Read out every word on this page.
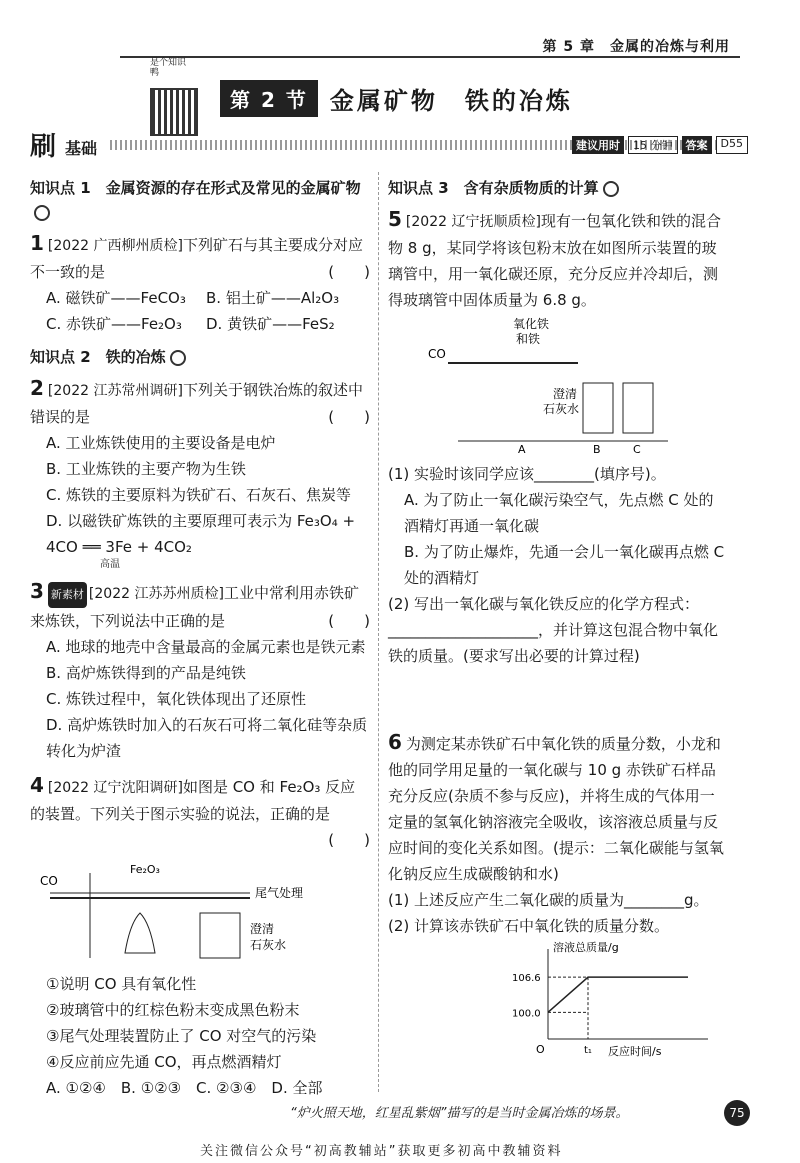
第 5 章　金属的冶炼与利用
是个知识鸭
第 2 节 金属矿物　铁的冶炼
刷 基础	建议用时	15 分钟	答案	D55
知识点 1　金属资源的存在形式及常见的金属矿物
1 [2022 广西柳州质检]下列矿石与其主要成分对应不一致的是	(　　)
A. 磁铁矿——FeCO₃	B. 铝土矿——Al₂O₃
C. 赤铁矿——Fe₂O₃	D. 黄铁矿——FeS₂
知识点 2　铁的冶炼
2 [2022 江苏常州调研]下列关于钢铁冶炼的叙述中错误的是	(　　)
A. 工业炼铁使用的主要设备是电炉
B. 工业炼铁的主要产物为生铁
C. 炼铁的主要原料为铁矿石、石灰石、焦炭等
D. 以磁铁矿炼铁的主要原理可表示为 Fe₃O₄ + 4CO ══ 3Fe + 4CO₂
高温
3 新素材 [2022 江苏苏州质检]工业中常利用赤铁矿来炼铁，下列说法中正确的是	(　　)
A. 地球的地壳中含量最高的金属元素也是铁元素
B. 高炉炼铁得到的产品是纯铁
C. 炼铁过程中，氧化铁体现出了还原性
D. 高炉炼铁时加入的石灰石可将二氧化硅等杂质转化为炉渣
4 [2022 辽宁沈阳调研]如图是 CO 和 Fe₂O₃ 反应的装置。下列关于图示实验的说法，正确的是
(　　)

CO
Fe₂O₃
尾气处理
澄清
石灰水
①说明 CO 具有氧化性
②玻璃管中的红棕色粉末变成黑色粉末
③尾气处理装置防止了 CO 对空气的污染
④反应前应先通 CO，再点燃酒精灯
A. ①②④　B. ①②③　C. ②③④　D. 全部
知识点 3　含有杂质物质的计算
5 [2022 辽宁抚顺质检]现有一包氧化铁和铁的混合物 8 g，某同学将该包粉末放在如图所示装置的玻璃管中，用一氧化碳还原，充分反应并冷却后，测得玻璃管中固体质量为 6.8 g。
CO
氧化铁
和铁
澄清
石灰水
A	B	C
(1) 实验时该同学应该________(填序号)。
A. 为了防止一氧化碳污染空气，先点燃 C 处的酒精灯再通一氧化碳
B. 为了防止爆炸，先通一会儿一氧化碳再点燃 C 处的酒精灯
(2) 写出一氧化碳与氧化铁反应的化学方程式：____________________，并计算这包混合物中氧化铁的质量。(要求写出必要的计算过程)
6 为测定某赤铁矿石中氧化铁的质量分数，小龙和他的同学用足量的一氧化碳与 10 g 赤铁矿石样品充分反应(杂质不参与反应)，并将生成的气体用一定量的氢氧化钠溶液完全吸收，该溶液总质量与反应时间的变化关系如图。(提示：二氧化碳能与氢氧化钠反应生成碳酸钠和水)
(1) 上述反应产生二氧化碳的质量为________g。
(2) 计算该赤铁矿石中氧化铁的质量分数。
溶液总质量/g
反应时间/s
O
100.0
106.6
t₁
“炉火照天地，红星乱紫烟”描写的是当时金属冶炼的场景。	75
关注微信公众号“初高教辅站”获取更多初高中教辅资料
